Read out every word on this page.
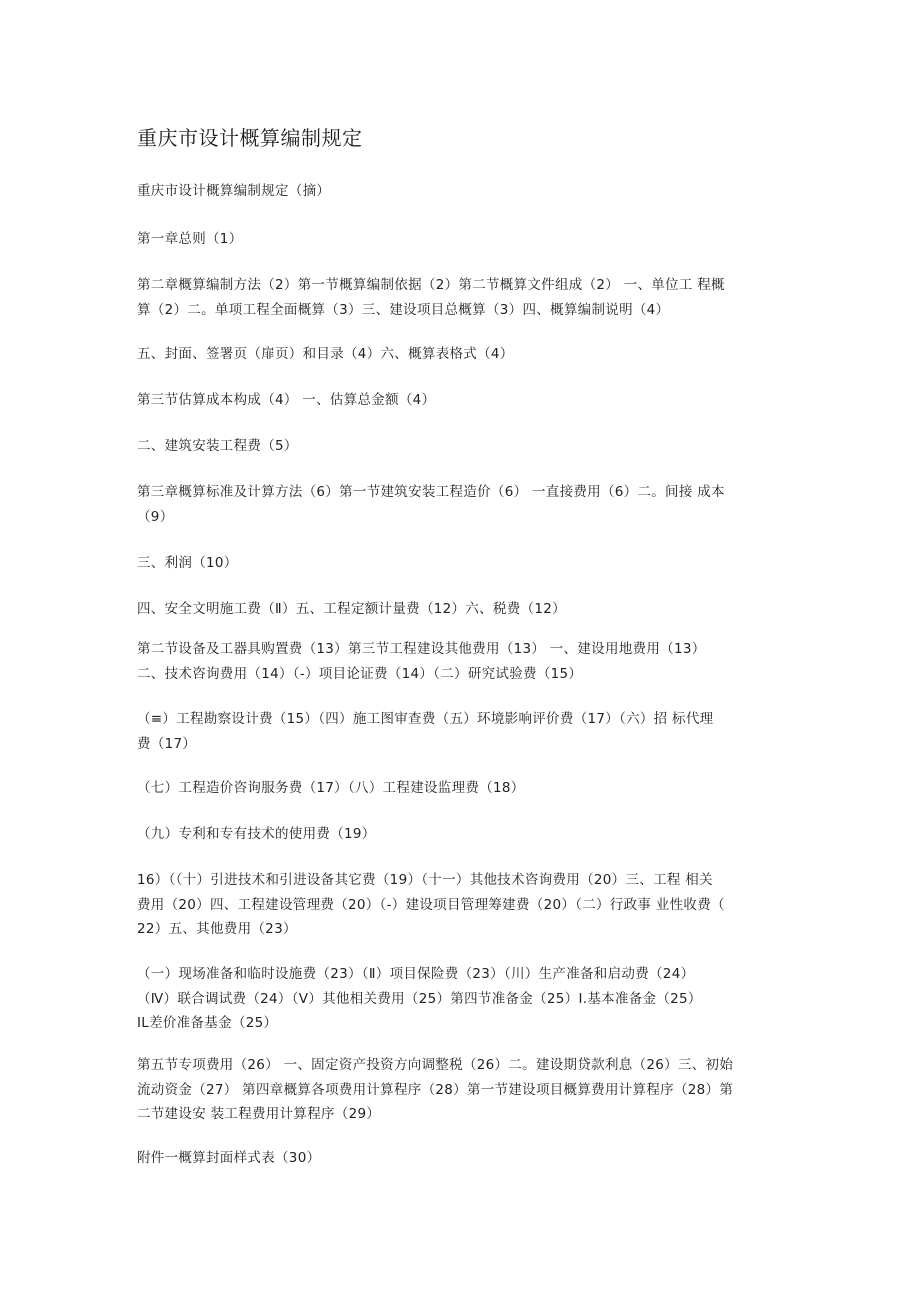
重庆市设计概算编制规定

重庆市设计概算编制规定（摘）

第一章总则（1）

第二章概算编制方法（2）第一节概算编制依据（2）第二节概算文件组成（2） 一、单位工 程概
算（2）二。单项工程全面概算（3）三、建设项目总概算（3）四、概算编制说明（4）

五、封面、签署页（扉页）和目录（4）六、概算表格式（4）

第三节估算成本构成（4） 一、估算总金额（4）

二、建筑安装工程费（5）

第三章概算标准及计算方法（6）第一节建筑安装工程造价（6） 一直接费用（6）二。间接 成本
（9）

三、利润（10）

四、安全文明施工费（Ⅱ）五、工程定额计量费（12）六、税费（12）

第二节设备及工器具购置费（13）第三节工程建设其他费用（13） 一、建设用地费用（13）
二、技术咨询费用（14）（-）项目论证费（14）（二）研究试验费（15）

（≡）工程勘察设计费（15）（四）施工图审查费（五）环境影响评价费（17）（六）招 标代理
费（17）

（七）工程造价咨询服务费（17）（八）工程建设监理费（18）

（九）专利和专有技术的使用费（19）

16）（（十）引进技术和引进设备其它费（19）（十一）其他技术咨询费用（20）三、工程 相关
费用（20）四、工程建设管理费（20）（-）建设项目管理筹建费（20）（二）行政事 业性收费（
22）五、其他费用（23）

（一）现场准备和临时设施费（23）（Ⅱ）项目保险费（23）（川）生产准备和启动费（24）
（Ⅳ）联合调试费（24）（Ⅴ）其他相关费用（25）第四节准备金（25）Ⅰ.基本准备金（25）
IL差价准备基金（25）

第五节专项费用（26） 一、固定资产投资方向调整税（26）二。建设期贷款利息（26）三、初始
流动资金（27） 第四章概算各项费用计算程序（28）第一节建设项目概算费用计算程序（28）第
二节建设安 装工程费用计算程序（29）

附件一概算封面样式表（30）
